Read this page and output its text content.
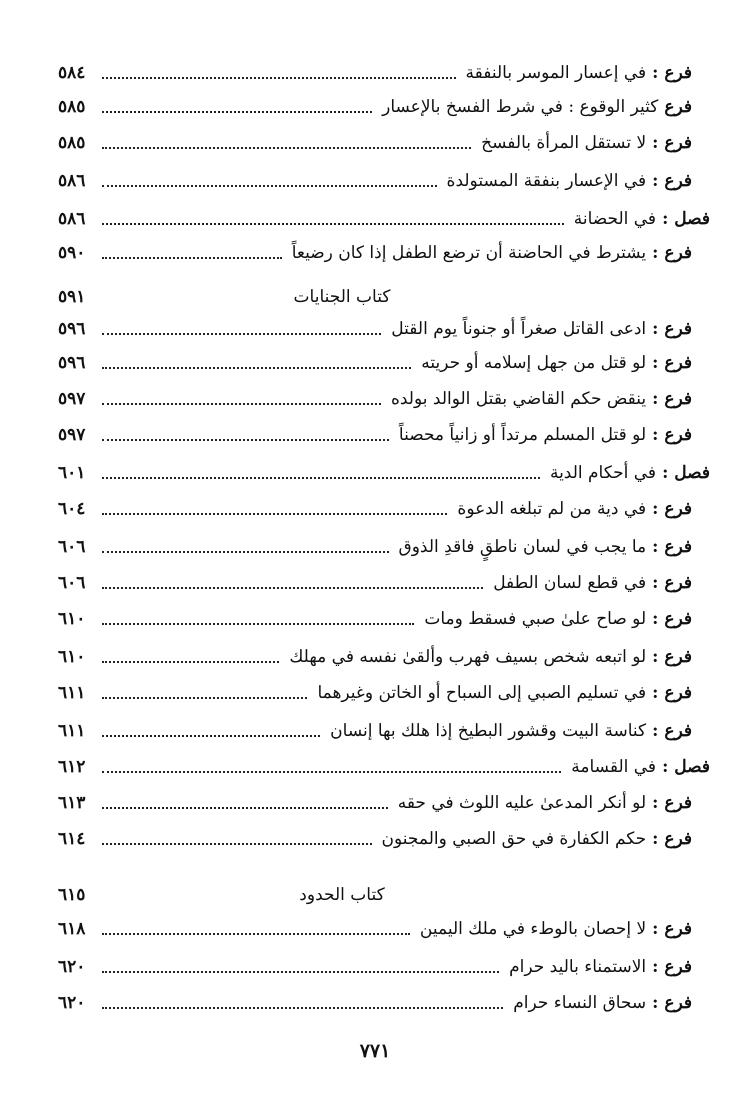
فرع :
في إعسار الموسر بالنفقة
٥٨٤
فرع
كثير الوقوع : في شرط الفسخ بالإعسار
٥٨٥
فرع :
لا تستقل المرأة بالفسخ
٥٨٥
فرع :
في الإعسار بنفقة المستولدة
٥٨٦
فصل :
في الحضانة
٥٨٦
فرع :
يشترط في الحاضنة أن ترضع الطفل إذا كان رضيعاً
٥٩٠
كتاب الجنايات
٥٩١
فرع :
ادعى القاتل صغراً أو جنوناً يوم القتل
٥٩٦
فرع :
لو قتل من جهل إسلامه أو حريته
٥٩٦
فرع :
ينقض حكم القاضي بقتل الوالد بولده
٥٩٧
فرع :
لو قتل المسلم مرتداً أو زانياً محصناً
٥٩٧
فصل :
في أحكام الدية
٦٠١
فرع :
في دية من لم تبلغه الدعوة
٦٠٤
فرع :
ما يجب في لسان ناطقٍ فاقدِ الذوق
٦٠٦
فرع :
في قطع لسان الطفل
٦٠٦
فرع :
لو صاح علىٰ صبي فسقط ومات
٦١٠
فرع :
لو اتبعه شخص بسيف فهرب وألقىٰ نفسه في مهلك
٦١٠
فرع :
في تسليم الصبي إلى السباح أو الخاتن وغيرهما
٦١١
فرع :
كناسة البيت وقشور البطيخ إذا هلك بها إنسان
٦١١
فصل :
في القسامة
٦١٢
فرع :
لو أنكر المدعىٰ عليه اللوث في حقه
٦١٣
فرع :
حكم الكفارة في حق الصبي والمجنون
٦١٤
كتاب الحدود
٦١٥
فرع :
لا إحصان بالوطء في ملك اليمين
٦١٨
فرع :
الاستمناء باليد حرام
٦٢٠
فرع :
سحاق النساء حرام
٦٢٠
٧٧١
